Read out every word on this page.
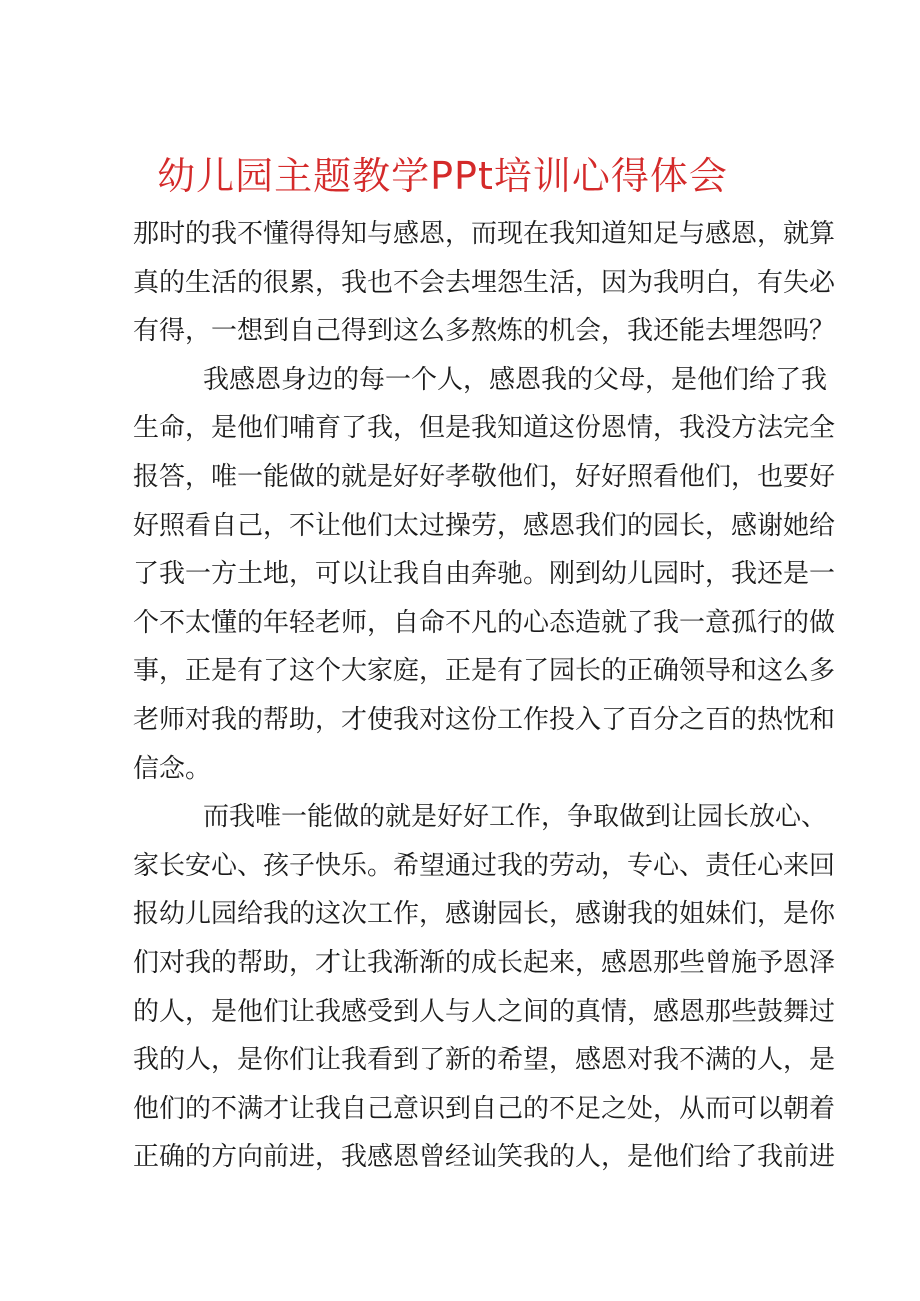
幼儿园主题教学PPt培训心得体会
那时的我不懂得得知与感恩，而现在我知道知足与感恩，就算
真的生活的很累，我也不会去埋怨生活，因为我明白，有失必
有得，一想到自己得到这么多熬炼的机会，我还能去埋怨吗？
我感恩身边的每一个人，感恩我的父母，是他们给了我
生命，是他们哺育了我，但是我知道这份恩情，我没方法完全
报答，唯一能做的就是好好孝敬他们，好好照看他们，也要好
好照看自己，不让他们太过操劳，感恩我们的园长，感谢她给
了我一方土地，可以让我自由奔驰。刚到幼儿园时，我还是一
个不太懂的年轻老师，自命不凡的心态造就了我一意孤行的做
事，正是有了这个大家庭，正是有了园长的正确领导和这么多
老师对我的帮助，才使我对这份工作投入了百分之百的热忱和
信念。
而我唯一能做的就是好好工作，争取做到让园长放心、
家长安心、孩子快乐。希望通过我的劳动，专心、责任心来回
报幼儿园给我的这次工作，感谢园长，感谢我的姐妹们，是你
们对我的帮助，才让我渐渐的成长起来，感恩那些曾施予恩泽
的人，是他们让我感受到人与人之间的真情，感恩那些鼓舞过
我的人，是你们让我看到了新的希望，感恩对我不满的人，是
他们的不满才让我自己意识到自己的不足之处，从而可以朝着
正确的方向前进，我感恩曾经讪笑我的人，是他们给了我前进
